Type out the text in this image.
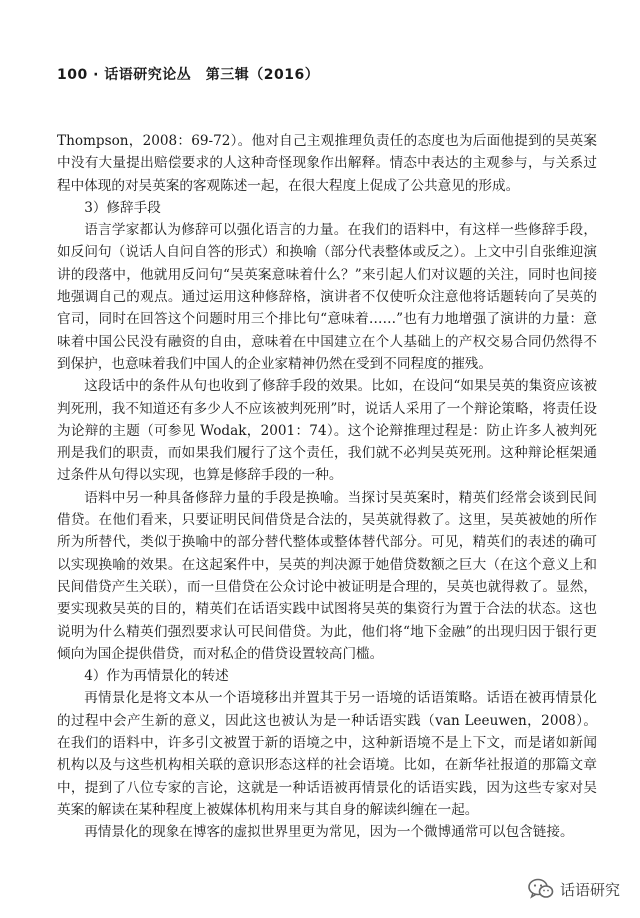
100 · 话语研究论丛　第三辑（2016）

Thompson，2008：69-72）。他对自己主观推理负责任的态度也为后面他提到的吴英案中没有大量提出赔偿要求的人这种奇怪现象作出解释。情态中表达的主观参与，与关系过程中体现的对吴英案的客观陈述一起，在很大程度上促成了公共意见的形成。

3）修辞手段

语言学家都认为修辞可以强化语言的力量。在我们的语料中，有这样一些修辞手段，如反问句（说话人自问自答的形式）和换喻（部分代表整体或反之）。上文中引自张维迎演讲的段落中，他就用反问句“吴英案意味着什么？”来引起人们对议题的关注，同时也间接地强调自己的观点。通过运用这种修辞格，演讲者不仅使听众注意他将话题转向了吴英的官司，同时在回答这个问题时用三个排比句“意味着……”也有力地增强了演讲的力量：意味着中国公民没有融资的自由，意味着在中国建立在个人基础上的产权交易合同仍然得不到保护，也意味着我们中国人的企业家精神仍然在受到不同程度的摧残。

这段话中的条件从句也收到了修辞手段的效果。比如，在设问“如果吴英的集资应该被判死刑，我不知道还有多少人不应该被判死刑”时，说话人采用了一个辩论策略，将责任设为论辩的主题（可参见 Wodak，2001：74）。这个论辩推理过程是：防止许多人被判死刑是我们的职责，而如果我们履行了这个责任，我们就不必判吴英死刑。这种辩论框架通过条件从句得以实现，也算是修辞手段的一种。

语料中另一种具备修辞力量的手段是换喻。当探讨吴英案时，精英们经常会谈到民间借贷。在他们看来，只要证明民间借贷是合法的，吴英就得救了。这里，吴英被她的所作所为所替代，类似于换喻中的部分替代整体或整体替代部分。可见，精英们的表述的确可以实现换喻的效果。在这起案件中，吴英的判决源于她借贷数额之巨大（在这个意义上和民间借贷产生关联），而一旦借贷在公众讨论中被证明是合理的，吴英也就得救了。显然，要实现救吴英的目的，精英们在话语实践中试图将吴英的集资行为置于合法的状态。这也说明为什么精英们强烈要求认可民间借贷。为此，他们将“地下金融”的出现归因于银行更倾向为国企提供借贷，而对私企的借贷设置较高门槛。

4）作为再情景化的转述

再情景化是将文本从一个语境移出并置其于另一语境的话语策略。话语在被再情景化的过程中会产生新的意义，因此这也被认为是一种话语实践（van Leeuwen，2008）。在我们的语料中，许多引文被置于新的语境之中，这种新语境不是上下文，而是诸如新闻机构以及与这些机构相关联的意识形态这样的社会语境。比如，在新华社报道的那篇文章中，提到了八位专家的言论，这就是一种话语被再情景化的话语实践，因为这些专家对吴英案的解读在某种程度上被媒体机构用来与其自身的解读纠缠在一起。

再情景化的现象在博客的虚拟世界里更为常见，因为一个微博通常可以包含链接。

话语研究
